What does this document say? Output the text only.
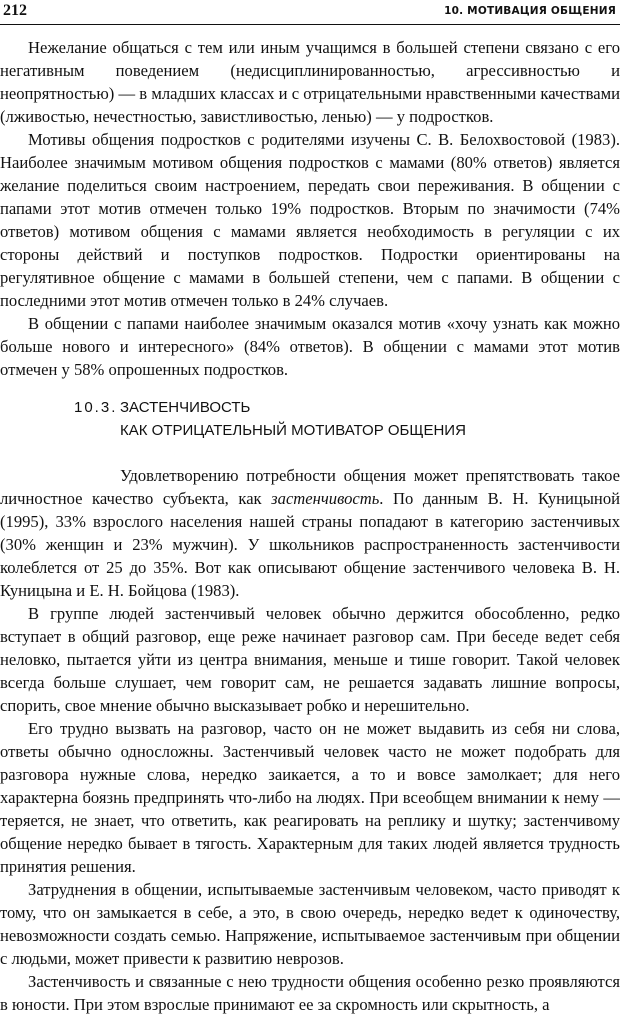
212	10. МОТИВАЦИЯ ОБЩЕНИЯ

Нежелание общаться с тем или иным учащимся в большей степени связано с его негативным поведением (недисциплинированностью, агрессивностью и неопрятностью) — в младших классах и с отрицательными нравственными качествами (лживостью, нечестностью, завистливостью, ленью) — у подростков.

Мотивы общения подростков с родителями изучены С. В. Белохвостовой (1983). Наиболее значимым мотивом общения подростков с мамами (80% ответов) является желание поделиться своим настроением, передать свои переживания. В общении с папами этот мотив отмечен только 19% подростков. Вторым по значимости (74% ответов) мотивом общения с мамами является необходимость в регуляции с их стороны действий и поступков подростков. Подростки ориентированы на регулятивное общение с мамами в большей степени, чем с папами. В общении с последними этот мотив отмечен только в 24% случаев.

В общении с папами наиболее значимым оказался мотив «хочу узнать как можно больше нового и интересного» (84% ответов). В общении с мамами этот мотив отмечен у 58% опрошенных подростков.

10.3. ЗАСТЕНЧИВОСТЬ
КАК ОТРИЦАТЕЛЬНЫЙ МОТИВАТОР ОБЩЕНИЯ

Удовлетворению потребности общения может препятствовать такое личностное качество субъекта, как застенчивость. По данным В. Н. Куницыной (1995), 33% взрослого населения нашей страны попадают в категорию застенчивых (30% женщин и 23% мужчин). У школьников распространенность застенчивости колеблется от 25 до 35%. Вот как описывают общение застенчивого человека В. Н. Куницына и Е. Н. Бойцова (1983).

В группе людей застенчивый человек обычно держится обособленно, редко вступает в общий разговор, еще реже начинает разговор сам. При беседе ведет себя неловко, пытается уйти из центра внимания, меньше и тише говорит. Такой человек всегда больше слушает, чем говорит сам, не решается задавать лишние вопросы, спорить, свое мнение обычно высказывает робко и нерешительно.

Его трудно вызвать на разговор, часто он не может выдавить из себя ни слова, ответы обычно односложны. Застенчивый человек часто не может подобрать для разговора нужные слова, нередко заикается, а то и вовсе замолкает; для него характерна боязнь предпринять что-либо на людях. При всеобщем внимании к нему — теряется, не знает, что ответить, как реагировать на реплику и шутку; застенчивому общение нередко бывает в тягость. Характерным для таких людей является трудность принятия решения.

Затруднения в общении, испытываемые застенчивым человеком, часто приводят к тому, что он замыкается в себе, а это, в свою очередь, нередко ведет к одиночеству, невозможности создать семью. Напряжение, испытываемое застенчивым при общении с людьми, может привести к развитию неврозов.

Застенчивость и связанные с нею трудности общения особенно резко проявляются в юности. При этом взрослые принимают ее за скромность или скрытность, а
